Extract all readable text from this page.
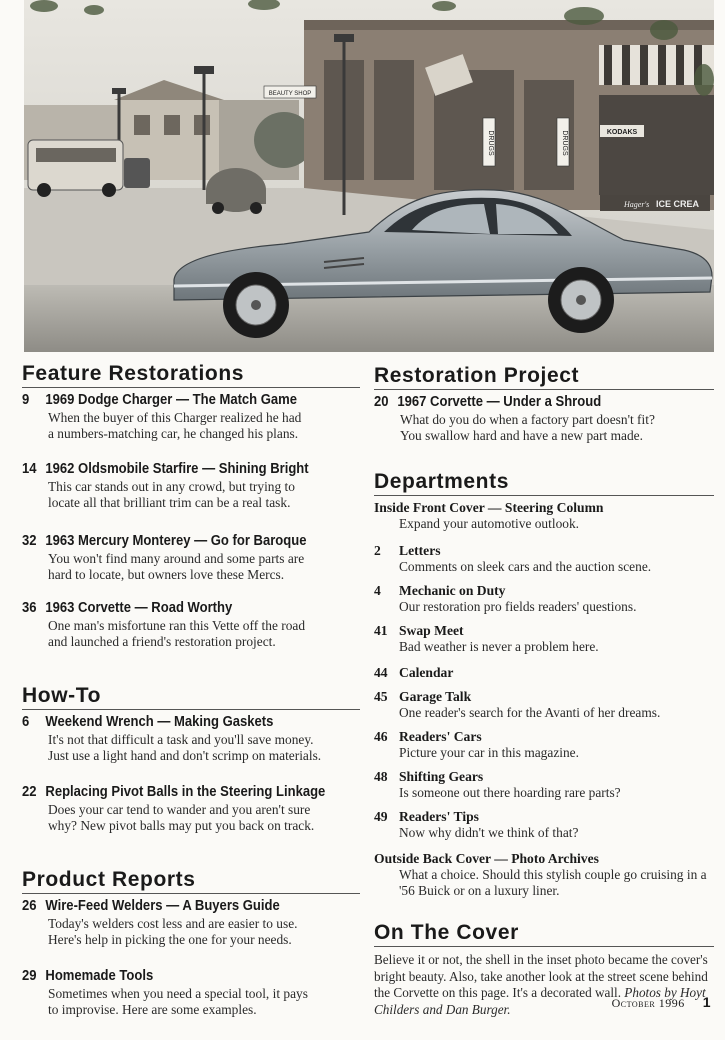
BEAUTY SHOP
DRUGS	DRUGS	KODAKS
Hager's ICE CREA
Feature Restorations
9 1969 Dodge Charger — The Match Game
When the buyer of this Charger realized he had
a numbers-matching car, he changed his plans.
14 1962 Oldsmobile Starfire — Shining Bright
This car stands out in any crowd, but trying to
locate all that brilliant trim can be a real task.
32 1963 Mercury Monterey — Go for Baroque
You won't find many around and some parts are
hard to locate, but owners love these Mercs.
36 1963 Corvette — Road Worthy
One man's misfortune ran this Vette off the road
and launched a friend's restoration project.
How-To
6 Weekend Wrench — Making Gaskets
It's not that difficult a task and you'll save money.
Just use a light hand and don't scrimp on materials.
22 Replacing Pivot Balls in the Steering Linkage
Does your car tend to wander and you aren't sure
why? New pivot balls may put you back on track.
Product Reports
26 Wire-Feed Welders — A Buyers Guide
Today's welders cost less and are easier to use.
Here's help in picking the one for your needs.
29 Homemade Tools
Sometimes when you need a special tool, it pays
to improvise. Here are some examples.
Restoration Project
20 1967 Corvette — Under a Shroud
What do you do when a factory part doesn't fit?
You swallow hard and have a new part made.
Departments
Inside Front Cover — Steering Column
Expand your automotive outlook.
2 Letters
Comments on sleek cars and the auction scene.
4 Mechanic on Duty
Our restoration pro fields readers' questions.
41 Swap Meet
Bad weather is never a problem here.
44 Calendar
45 Garage Talk
One reader's search for the Avanti of her dreams.
46 Readers' Cars
Picture your car in this magazine.
48 Shifting Gears
Is someone out there hoarding rare parts?
49 Readers' Tips
Now why didn't we think of that?
Outside Back Cover — Photo Archives
What a choice. Should this stylish couple go cruising in a '56 Buick or on a luxury liner.
On The Cover
Believe it or not, the shell in the inset photo became the cover's bright beauty. Also, take another look at the street scene behind the Corvette on this page. It's a decorated wall. Photos by Hoyt Childers and Dan Burger.	October 1996 1
